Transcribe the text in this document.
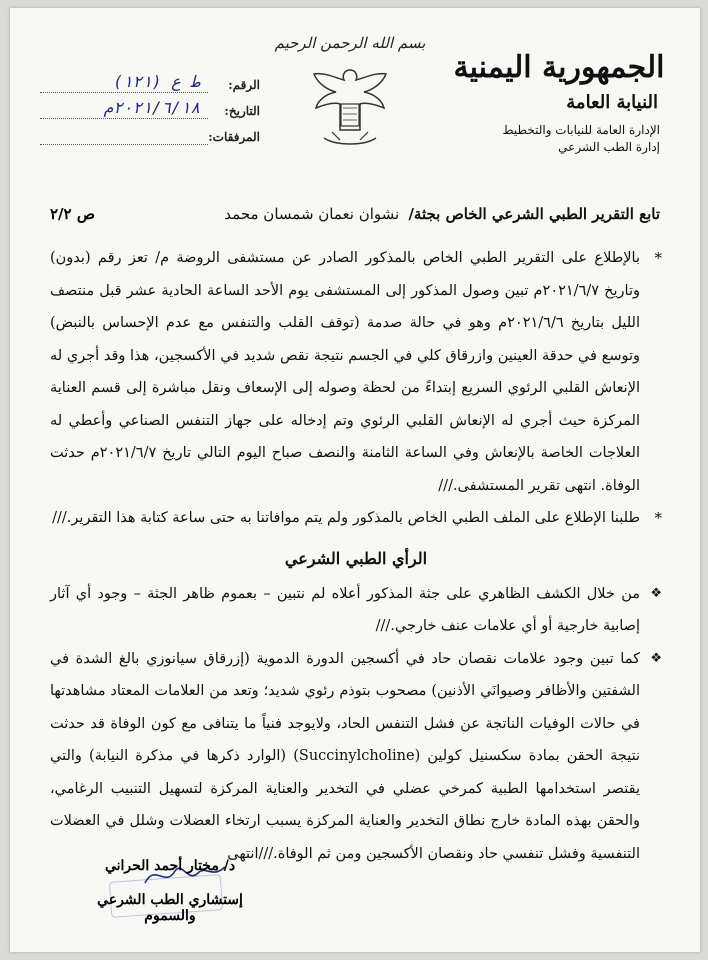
الجمهورية اليمنية
النيابة العامة
الإدارة العامة للنيابات والتخطيط
إدارة الطب الشرعي
بسم الله الرحمن الرحيم
الرقم:
ط ع (١٢١)
التاريخ:
٢٠٢١/٦/١٨م
المرفقات:
تابع التقرير الطبي الشرعي الخاص بجثة/ نشوان نعمان شمسان محمد
ص ٢/٢
*
بالإطلاع على التقرير الطبي الخاص بالمذكور الصادر عن مستشفى الروضة م/ تعز رقم (بدون) وتاريخ ٢٠٢١/٦/٧م تبين وصول المذكور إلى المستشفى يوم الأحد الساعة الحادية عشر قبل منتصف الليل بتاريخ ٢٠٢١/٦/٦م وهو في حالة صدمة (توقف القلب والتنفس مع عدم الإحساس بالنبض) وتوسع في حدقة العينين وازرقاق كلي في الجسم نتيجة نقص شديد في الأكسجين، هذا وقد أجري له الإنعاش القلبي الرئوي السريع إبتداءً من لحظة وصوله إلى الإسعاف ونقل مباشرة إلى قسم العناية المركزة حيث أجري له الإنعاش القلبي الرئوي وتم إدخاله على جهاز التنفس الصناعي وأعطي له العلاجات الخاصة بالإنعاش وفي الساعة الثامنة والنصف صباح اليوم التالي تاريخ ٢٠٢١/٦/٧م حدثت الوفاة. انتهى تقرير المستشفى.///
*
طلبنا الإطلاع على الملف الطبي الخاص بالمذكور ولم يتم موافاتنا به حتى ساعة كتابة هذا التقرير.///
الرأي الطبي الشرعي
❖
من خلال الكشف الظاهري على جثة المذكور أعلاه لم نتبين – بعموم ظاهر الجثة – وجود أي آثار إصابية خارجية أو أي علامات عنف خارجي.///
❖
كما تبين وجود علامات نقصان حاد في أكسجين الدورة الدموية (إزرقاق سيانوزي بالغ الشدة في الشفتين والأظافر وصيوانَي الأذنين) مصحوب بتوذم رئوي شديد؛ وتعد من العلامات المعتاد مشاهدتها في حالات الوفيات الناتجة عن فشل التنفس الحاد، ولايوجد فنياً ما يتنافى مع كون الوفاة قد حدثت نتيجة الحقن بمادة سكسنيل كولين (Succinylcholine) (الوارد ذكرها في مذكرة النيابة) والتي يقتصر استخدامها الطبية كمرخي عضلي في التخدير والعناية المركزة لتسهيل التنبيب الرغامي، والحقن بهذه المادة خارج نطاق التخدير والعناية المركزة يسبب ارتخاء العضلات وشلل في العضلات التنفسية وفشل تنفسي حاد ونقصان الأكسجين ومن ثم الوفاة.///انتهى
د/ مختار أحمد الحراني
إستشاري الطب الشرعي والسموم
